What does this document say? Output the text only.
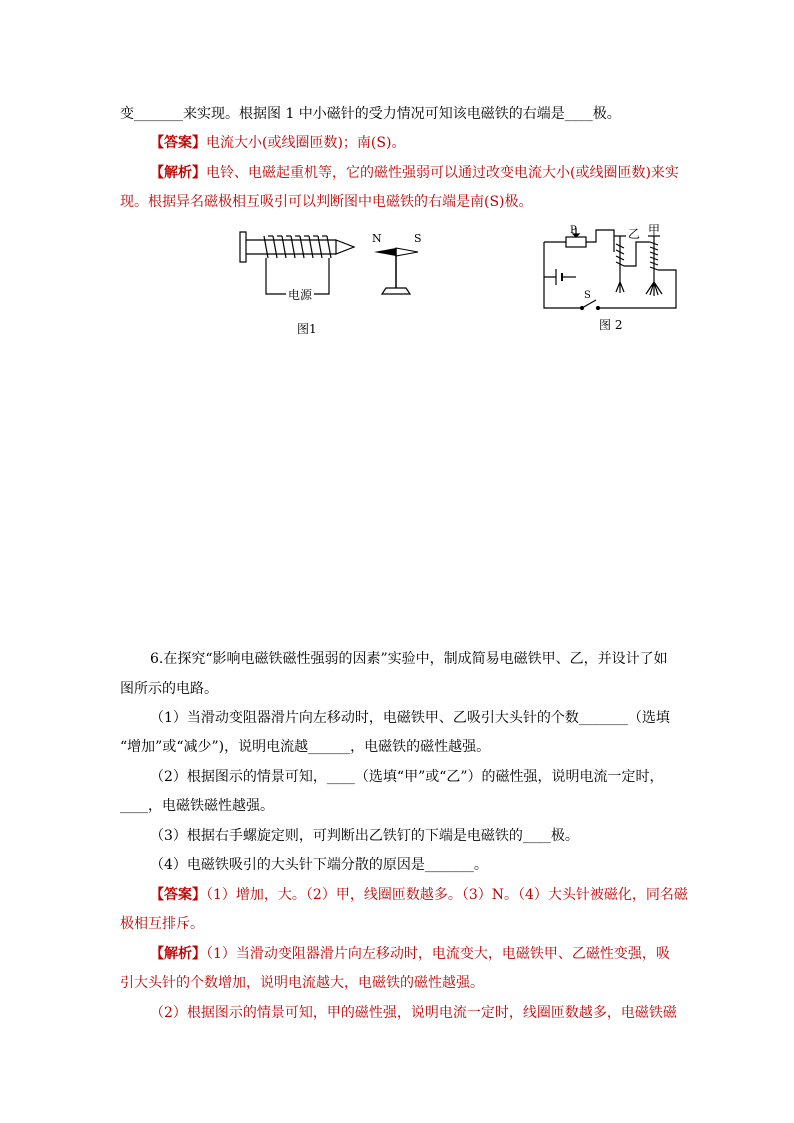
变_______来实现。根据图 1 中小磁针的受力情况可知该电磁铁的右端是____极。
【答案】电流大小(或线圈匝数)；南(S)。
【解析】电铃、电磁起重机等，它的磁性强弱可以通过改变电流大小(或线圈匝数)来实
现。根据异名磁极相互吸引可以判断图中电磁铁的右端是南(S)极。
电源
N	S
图1
P
S
乙 甲
图 2
6.在探究“影响电磁铁磁性强弱的因素”实验中，制成简易电磁铁甲、乙，并设计了如
图所示的电路。
（1）当滑动变阻器滑片向左移动时，电磁铁甲、乙吸引大头针的个数_______（选填
“增加”或“减少”)，说明电流越______，电磁铁的磁性越强。
（2）根据图示的情景可知，____（选填“甲”或“乙”）的磁性强，说明电流一定时，
____，电磁铁磁性越强。
（3）根据右手螺旋定则，可判断出乙铁钉的下端是电磁铁的____极。
（4）电磁铁吸引的大头针下端分散的原因是_______。
【答案】（1）增加，大。（2）甲，线圈匝数越多。（3）N。（4）大头针被磁化，同名磁
极相互排斥。
【解析】（1）当滑动变阻器滑片向左移动时，电流变大，电磁铁甲、乙磁性变强，吸
引大头针的个数增加，说明电流越大，电磁铁的磁性越强。
（2）根据图示的情景可知，甲的磁性强，说明电流一定时，线圈匝数越多，电磁铁磁
